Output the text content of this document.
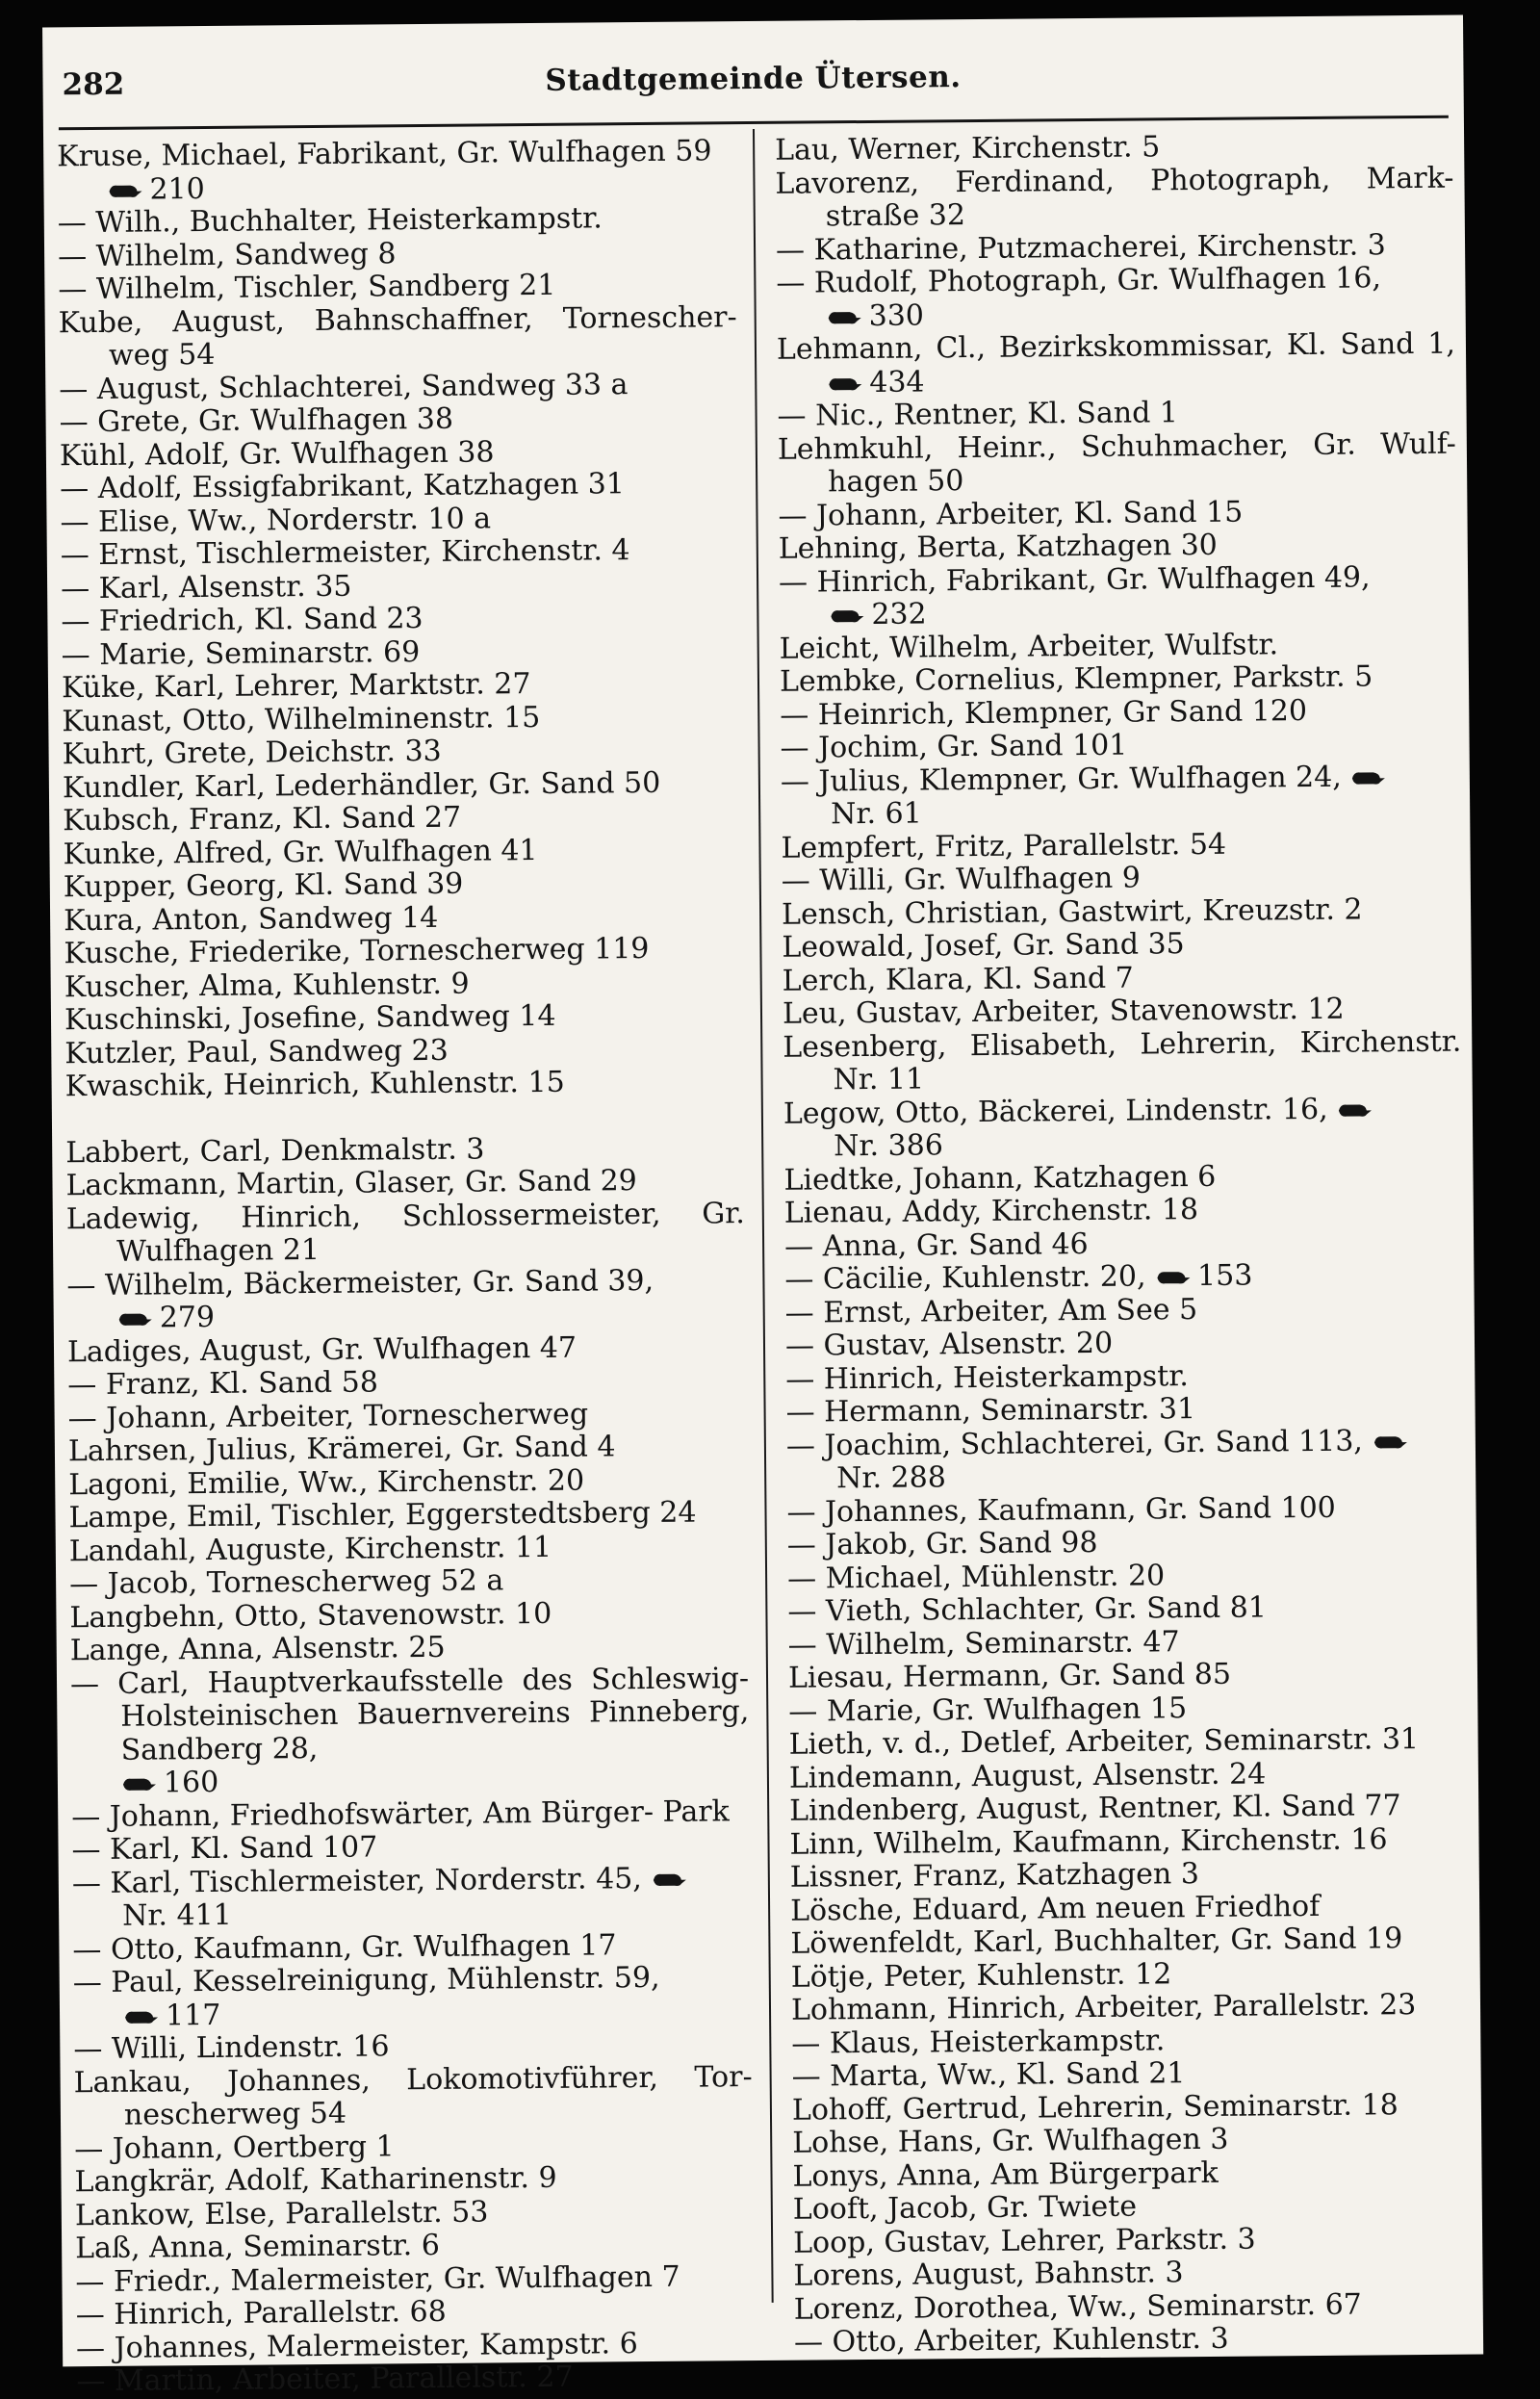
282	Stadtgemeinde Ütersen.

Kruse, Michael, Fabrikant, Gr. Wulfhagen 59

210

— Wilh., Buchhalter, Heisterkampstr.

— Wilhelm, Sandweg 8

— Wilhelm, Tischler, Sandberg 21

Kube, August, Bahnschaffner, Tornescher- weg 54

— August, Schlachterei, Sandweg 33 a

— Grete, Gr. Wulfhagen 38

Kühl, Adolf, Gr. Wulfhagen 38

— Adolf, Essigfabrikant, Katzhagen 31

— Elise, Ww., Norderstr. 10 a

— Ernst, Tischlermeister, Kirchenstr. 4

— Karl, Alsenstr. 35

— Friedrich, Kl. Sand 23

— Marie, Seminarstr. 69

Küke, Karl, Lehrer, Marktstr. 27

Kunast, Otto, Wilhelminenstr. 15

Kuhrt, Grete, Deichstr. 33

Kundler, Karl, Lederhändler, Gr. Sand 50

Kubsch, Franz, Kl. Sand 27

Kunke, Alfred, Gr. Wulfhagen 41

Kupper, Georg, Kl. Sand 39

Kura, Anton, Sandweg 14

Kusche, Friederike, Tornescherweg 119

Kuscher, Alma, Kuhlenstr. 9

Kuschinski, Josefine, Sandweg 14

Kutzler, Paul, Sandweg 23

Kwaschik, Heinrich, Kuhlenstr. 15

Labbert, Carl, Denkmalstr. 3

Lackmann, Martin, Glaser, Gr. Sand 29

Ladewig, Hinrich, Schlossermeister, Gr. Wulfhagen 21

— Wilhelm, Bäckermeister, Gr. Sand 39,

279

Ladiges, August, Gr. Wulfhagen 47

— Franz, Kl. Sand 58

— Johann, Arbeiter, Tornescherweg

Lahrsen, Julius, Krämerei, Gr. Sand 4

Lagoni, Emilie, Ww., Kirchenstr. 20

Lampe, Emil, Tischler, Eggerstedtsberg 24

Landahl, Auguste, Kirchenstr. 11

— Jacob, Tornescherweg 52 a

Langbehn, Otto, Stavenowstr. 10

Lange, Anna, Alsenstr. 25

— Carl, Hauptverkaufsstelle des Schleswig- Holsteinischen Bauernvereins Pinneberg, Sandberg 28,

160

— Johann, Friedhofswärter, Am Bürger- Park

— Karl, Kl. Sand 107

— Karl, Tischlermeister, Norderstr. 45,

Nr. 411

— Otto, Kaufmann, Gr. Wulfhagen 17

— Paul, Kesselreinigung, Mühlenstr. 59,

117

— Willi, Lindenstr. 16

Lankau, Johannes, Lokomotivführer, Tor- nescherweg 54

— Johann, Oertberg 1

Langkrär, Adolf, Katharinenstr. 9

Lankow, Else, Parallelstr. 53

Laß, Anna, Seminarstr. 6

— Friedr., Malermeister, Gr. Wulfhagen 7

— Hinrich, Parallelstr. 68

— Johannes, Malermeister, Kampstr. 6

— Martin, Arbeiter, Parallelstr. 27

Lau, Werner, Kirchenstr. 5

Lavorenz, Ferdinand, Photograph, Mark- straße 32

— Katharine, Putzmacherei, Kirchenstr. 3

— Rudolf, Photograph, Gr. Wulfhagen 16,

330

Lehmann, Cl., Bezirkskommissar, Kl. Sand 1,
434

— Nic., Rentner, Kl. Sand 1

Lehmkuhl, Heinr., Schuhmacher, Gr. Wulf- hagen 50

— Johann, Arbeiter, Kl. Sand 15

Lehning, Berta, Katzhagen 30

— Hinrich, Fabrikant, Gr. Wulfhagen 49,

232

Leicht, Wilhelm, Arbeiter, Wulfstr.

Lembke, Cornelius, Klempner, Parkstr. 5

— Heinrich, Klempner, Gr Sand 120

— Jochim, Gr. Sand 101

— Julius, Klempner, Gr. Wulfhagen 24,

Nr. 61

Lempfert, Fritz, Parallelstr. 54

— Willi, Gr. Wulfhagen 9

Lensch, Christian, Gastwirt, Kreuzstr. 2

Leowald, Josef, Gr. Sand 35

Lerch, Klara, Kl. Sand 7

Leu, Gustav, Arbeiter, Stavenowstr. 12

Lesenberg, Elisabeth, Lehrerin, Kirchenstr. Nr. 11

Legow, Otto, Bäckerei, Lindenstr. 16,

Nr. 386

Liedtke, Johann, Katzhagen 6

Lienau, Addy, Kirchenstr. 18

— Anna, Gr. Sand 46

— Cäcilie, Kuhlenstr. 20, 153

— Ernst, Arbeiter, Am See 5

— Gustav, Alsenstr. 20

— Hinrich, Heisterkampstr.

— Hermann, Seminarstr. 31

— Joachim, Schlachterei, Gr. Sand 113,

Nr. 288

— Johannes, Kaufmann, Gr. Sand 100

— Jakob, Gr. Sand 98

— Michael, Mühlenstr. 20

— Vieth, Schlachter, Gr. Sand 81

— Wilhelm, Seminarstr. 47

Liesau, Hermann, Gr. Sand 85

— Marie, Gr. Wulfhagen 15

Lieth, v. d., Detlef, Arbeiter, Seminarstr. 31

Lindemann, August, Alsenstr. 24

Lindenberg, August, Rentner, Kl. Sand 77

Linn, Wilhelm, Kaufmann, Kirchenstr. 16

Lissner, Franz, Katzhagen 3

Lösche, Eduard, Am neuen Friedhof

Löwenfeldt, Karl, Buchhalter, Gr. Sand 19

Lötje, Peter, Kuhlenstr. 12

Lohmann, Hinrich, Arbeiter, Parallelstr. 23

— Klaus, Heisterkampstr.

— Marta, Ww., Kl. Sand 21

Lohoff, Gertrud, Lehrerin, Seminarstr. 18

Lohse, Hans, Gr. Wulfhagen 3

Lonys, Anna, Am Bürgerpark

Looft, Jacob, Gr. Twiete

Loop, Gustav, Lehrer, Parkstr. 3

Lorens, August, Bahnstr. 3

Lorenz, Dorothea, Ww., Seminarstr. 67

— Otto, Arbeiter, Kuhlenstr. 3
